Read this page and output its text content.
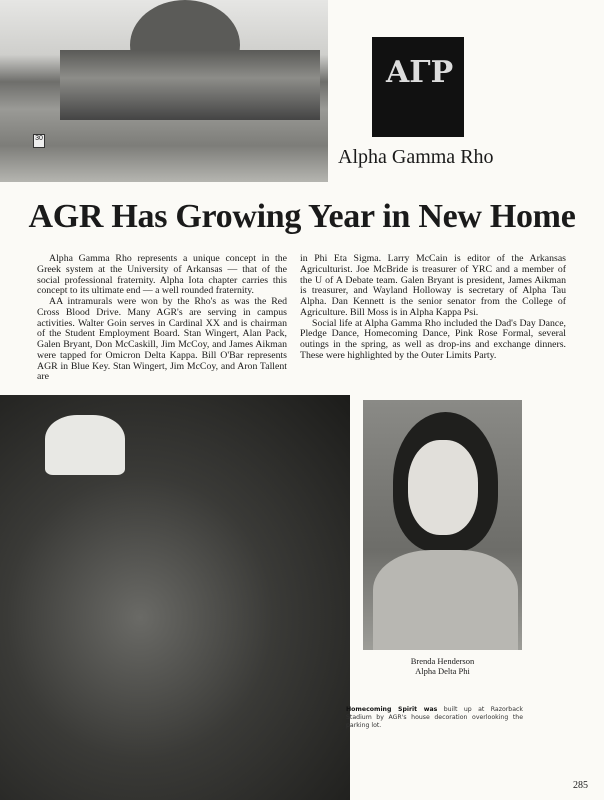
30
AΓP
Alpha Gamma Rho
AGR Has Growing Year in New Home

Alpha Gamma Rho represents a unique concept in the Greek system at the University of Arkansas — that of the social professional fraternity. Alpha Iota chapter carries this concept to its ultimate end — a well rounded fraternity.

AA intramurals were won by the Rho's as was the Red Cross Blood Drive. Many AGR's are serving in campus activities. Walter Goin serves in Cardinal XX and is chairman of the Student Employment Board. Stan Wingert, Alan Pack, Galen Bryant, Don McCaskill, Jim McCoy, and James Aikman were tapped for Omicron Delta Kappa. Bill O'Bar represents AGR in Blue Key. Stan Wingert, Jim McCoy, and Aron Tallent are

in Phi Eta Sigma. Larry McCain is editor of the Arkansas Agriculturist. Joe McBride is treasurer of YRC and a member of the U of A Debate team. Galen Bryant is president, James Aikman is treasurer, and Wayland Holloway is secretary of Alpha Tau Alpha. Dan Kennett is the senior senator from the College of Agriculture. Bill Moss is in Alpha Kappa Psi.

Social life at Alpha Gamma Rho included the Dad's Day Dance, Pledge Dance, Homecoming Dance, Pink Rose Formal, several outings in the spring, as well as drop-ins and exchange dinners. These were highlighted by the Outer Limits Party.

Brenda Henderson
Alpha Delta Phi
Homecoming Spirit was built up at Razorback Stadium by AGR's house decoration overlooking the parking lot.
285
